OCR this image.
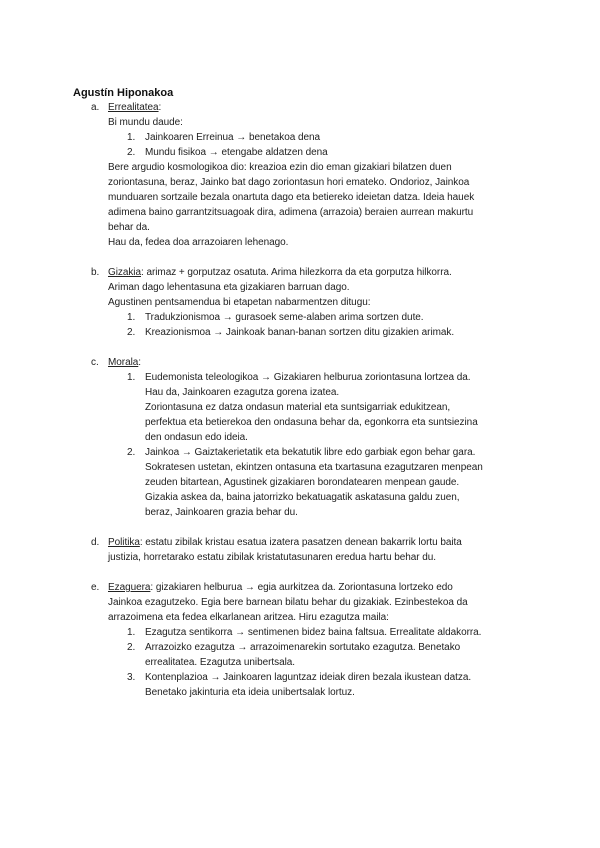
Agustín Hiponakoa
a. Errealitatea:
Bi mundu daude:
1. Jainkoaren Erreinua → benetakoa dena
2. Mundu fisikoa → etengabe aldatzen dena
Bere argudio kosmologikoa dio: kreazioa ezin dio eman gizakiari bilatzen duen
zoriontasuna, beraz, Jainko bat dago zoriontasun hori emateko. Ondorioz, Jainkoa
munduaren sortzaile bezala onartuta dago eta betiereko ideietan datza. Ideia hauek
adimena baino garrantzitsuagoak dira, adimena (arrazoia) beraien aurrean makurtu
behar da.
Hau da, fedea doa arrazoiaren lehenago.
b. Gizakia: arimaz + gorputzaz osatuta. Arima hilezkorra da eta gorputza hilkorra.
Ariman dago lehentasuna eta gizakiaren barruan dago.
Agustinen pentsamendua bi etapetan nabarmentzen ditugu:
1. Tradukzionismoa → gurasoek seme-alaben arima sortzen dute.
2. Kreazionismoa → Jainkoak banan-banan sortzen ditu gizakien arimak.
c. Morala:
1. Eudemonista teleologikoa → Gizakiaren helburua zoriontasuna lortzea da.
Hau da, Jainkoaren ezagutza gorena izatea.
Zoriontasuna ez datza ondasun material eta suntsigarriak edukitzean,
perfektua eta betierekoa den ondasuna behar da, egonkorra eta suntsiezina
den ondasun edo ideia.
2. Jainkoa → Gaiztakerietatik eta bekatutik libre edo garbiak egon behar gara.
Sokratesen ustetan, ekintzen ontasuna eta txartasuna ezagutzaren menpean
zeuden bitartean, Agustinek gizakiaren borondatearen menpean gaude.
Gizakia askea da, baina jatorrizko bekatuagatik askatasuna galdu zuen,
beraz, Jainkoaren grazia behar du.
d. Politika: estatu zibilak kristau esatua izatera pasatzen denean bakarrik lortu baita
justizia, horretarako estatu zibilak kristatutasunaren eredua hartu behar du.
e. Ezaguera: gizakiaren helburua → egia aurkitzea da. Zoriontasuna lortzeko edo
Jainkoa ezagutzeko. Egia bere barnean bilatu behar du gizakiak. Ezinbestekoa da
arrazoimena eta fedea elkarlanean aritzea. Hiru ezagutza maila:
1. Ezagutza sentikorra → sentimenen bidez baina faltsua. Errealitate aldakorra.
2. Arrazoizko ezagutza → arrazoimenarekin sortutako ezagutza. Benetako
errealitatea. Ezagutza unibertsala.
3. Kontenplazioa → Jainkoaren laguntzaz ideiak diren bezala ikustean datza.
Benetako jakinturia eta ideia unibertsalak lortuz.
